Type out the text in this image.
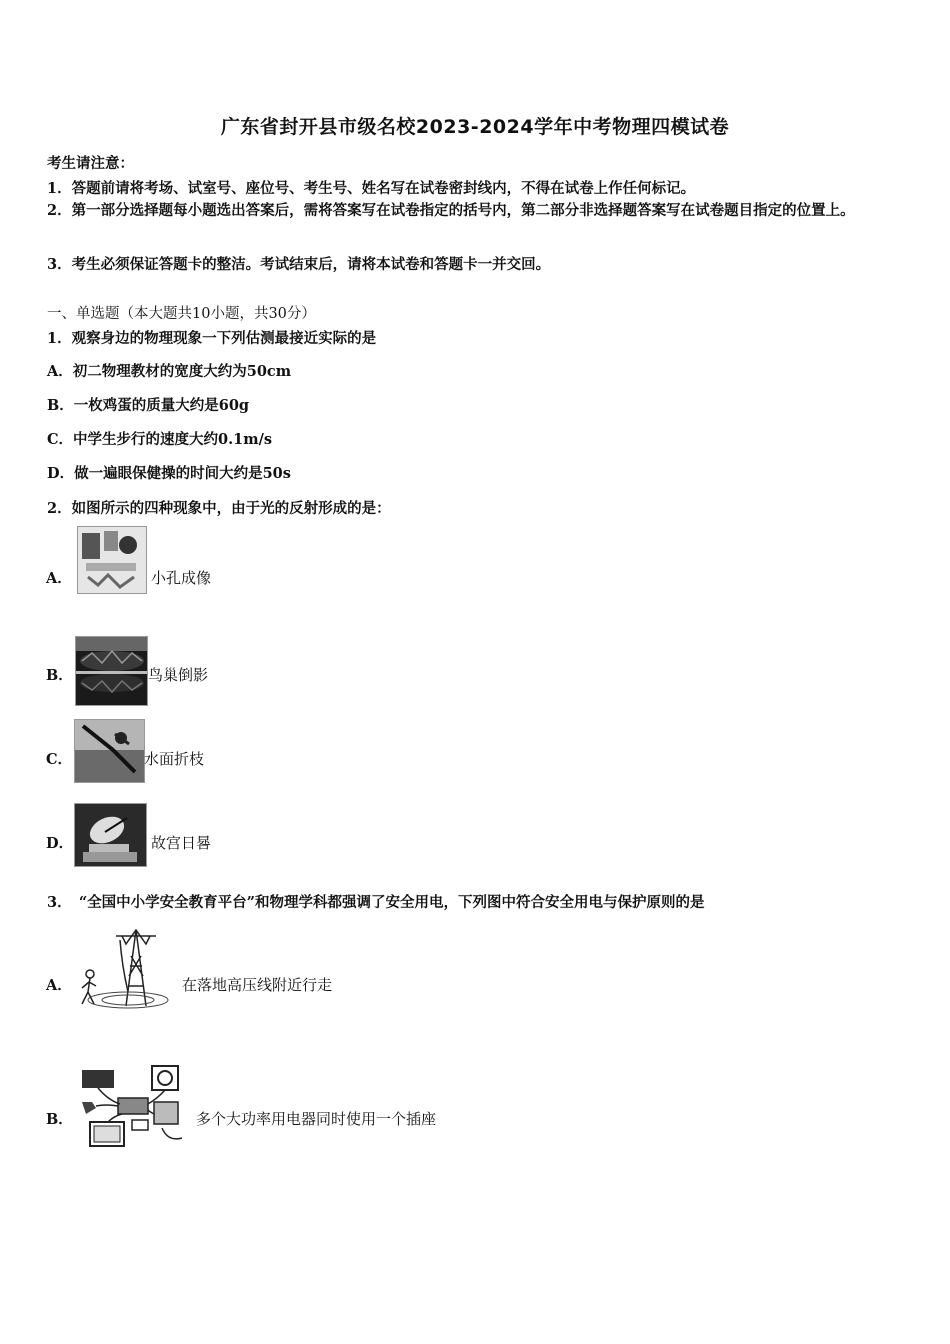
广东省封开县市级名校2023-2024学年中考物理四模试卷
考生请注意：
1．答题前请将考场、试室号、座位号、考生号、姓名写在试卷密封线内，不得在试卷上作任何标记。
2．第一部分选择题每小题选出答案后，需将答案写在试卷指定的括号内，第二部分非选择题答案写在试卷题目指定的位置上。
3．考生必须保证答题卡的整洁。考试结束后，请将本试卷和答题卡一并交回。
一、单选题（本大题共10小题，共30分）
1．观察身边的物理现象一下列估测最接近实际的是
A．初二物理教材的宽度大约为50cm
B．一枚鸡蛋的质量大约是60g
C．中学生步行的速度大约0.1m/s
D．做一遍眼保健操的时间大约是50s
2．如图所示的四种现象中，由于光的反射形成的是：
A．	小孔成像
B．	鸟巢倒影
C．	水面折枝
D．	故宫日晷
3．　“全国中小学安全教育平台”和物理学科都强调了安全用电，下列图中符合安全用电与保护原则的是
A．	在落地高压线附近行走
B．	多个大功率用电器同时使用一个插座
